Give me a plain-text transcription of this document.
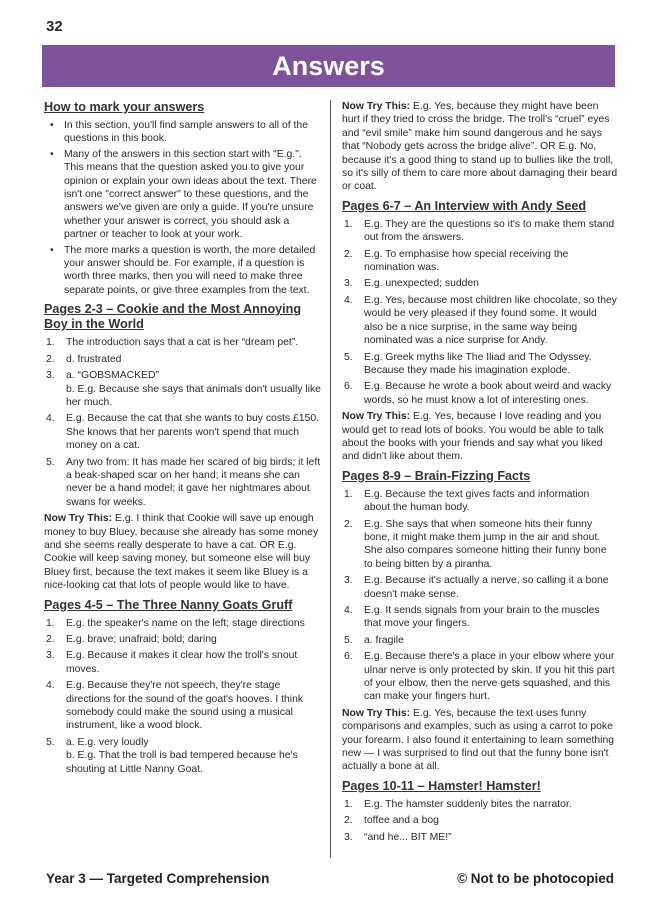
32
Answers
How to mark your answers
• In this section, you'll find sample answers to all of the questions in this book.
• Many of the answers in this section start with "E.g.". This means that the question asked you to give your opinion or explain your own ideas about the text. There isn't one "correct answer" to these questions, and the answers we've given are only a guide. If you're unsure whether your answer is correct, you should ask a partner or teacher to look at your work.
• The more marks a question is worth, the more detailed your answer should be. For example, if a question is worth three marks, then you will need to make three separate points, or give three examples from the text.
Pages 2-3 – Cookie and the Most Annoying Boy in the World
1. The introduction says that a cat is her “dream pet”.
2. d. frustrated
3. a. “GOBSMACKED”
b. E.g. Because she says that animals don't usually like her much.
4. E.g. Because the cat that she wants to buy costs £150. She knows that her parents won't spend that much money on a cat.
5. Any two from: It has made her scared of big birds; it left a beak-shaped scar on her hand; it means she can never be a hand model; it gave her nightmares about swans for weeks.

Now Try This: E.g. I think that Cookie will save up enough money to buy Bluey, because she already has some money and she seems really desperate to have a cat. OR E.g. Cookie will keep saving money, but someone else will buy Bluey first, because the text makes it seem like Bluey is a nice-looking cat that lots of people would like to have.

Pages 4-5 – The Three Nanny Goats Gruff
1. E.g. the speaker's name on the left; stage directions
2. E.g. brave; unafraid; bold; daring
3. E.g. Because it makes it clear how the troll's snout moves.
4. E.g. Because they're not speech, they're stage directions for the sound of the goat's hooves. I think somebody could make the sound using a musical instrument, like a wood block.
5. a. E.g. very loudly
b. E.g. That the troll is bad tempered because he's shouting at Little Nanny Goat.

Now Try This: E.g. Yes, because they might have been hurt if they tried to cross the bridge. The troll's “cruel” eyes and “evil smile” make him sound dangerous and he says that “Nobody gets across the bridge alive”. OR E.g. No, because it's a good thing to stand up to bullies like the troll, so it's silly of them to care more about damaging their beard or coat.

Pages 6-7 – An Interview with Andy Seed
1. E.g. They are the questions so it's to make them stand out from the answers.
2. E.g. To emphasise how special receiving the nomination was.
3. E.g. unexpected; sudden
4. E.g. Yes, because most children like chocolate, so they would be very pleased if they found some. It would also be a nice surprise, in the same way being nominated was a nice surprise for Andy.
5. E.g. Greek myths like The Iliad and The Odyssey. Because they made his imagination explode.
6. E.g. Because he wrote a book about weird and wacky words, so he must know a lot of interesting ones.

Now Try This: E.g. Yes, because I love reading and you would get to read lots of books. You would be able to talk about the books with your friends and say what you liked and didn't like about them.

Pages 8-9 – Brain-Fizzing Facts
1. E.g. Because the text gives facts and information about the human body.
2. E.g. She says that when someone hits their funny bone, it might make them jump in the air and shout. She also compares someone hitting their funny bone to being bitten by a piranha.
3. E.g. Because it's actually a nerve, so calling it a bone doesn't make sense.
4. E.g. It sends signals from your brain to the muscles that move your fingers.
5. a. fragile
6. E.g. Because there's a place in your elbow where your ulnar nerve is only protected by skin. If you hit this part of your elbow, then the nerve gets squashed, and this can make your fingers hurt.

Now Try This: E.g. Yes, because the text uses funny comparisons and examples, such as using a carrot to poke your forearm. I also found it entertaining to learn something new — I was surprised to find out that the funny bone isn't actually a bone at all.

Pages 10-11 – Hamster! Hamster!
1. E.g. The hamster suddenly bites the narrator.
2. toffee and a bog
3. “and he... BIT ME!”
Year 3 — Targeted Comprehension	© Not to be photocopied
